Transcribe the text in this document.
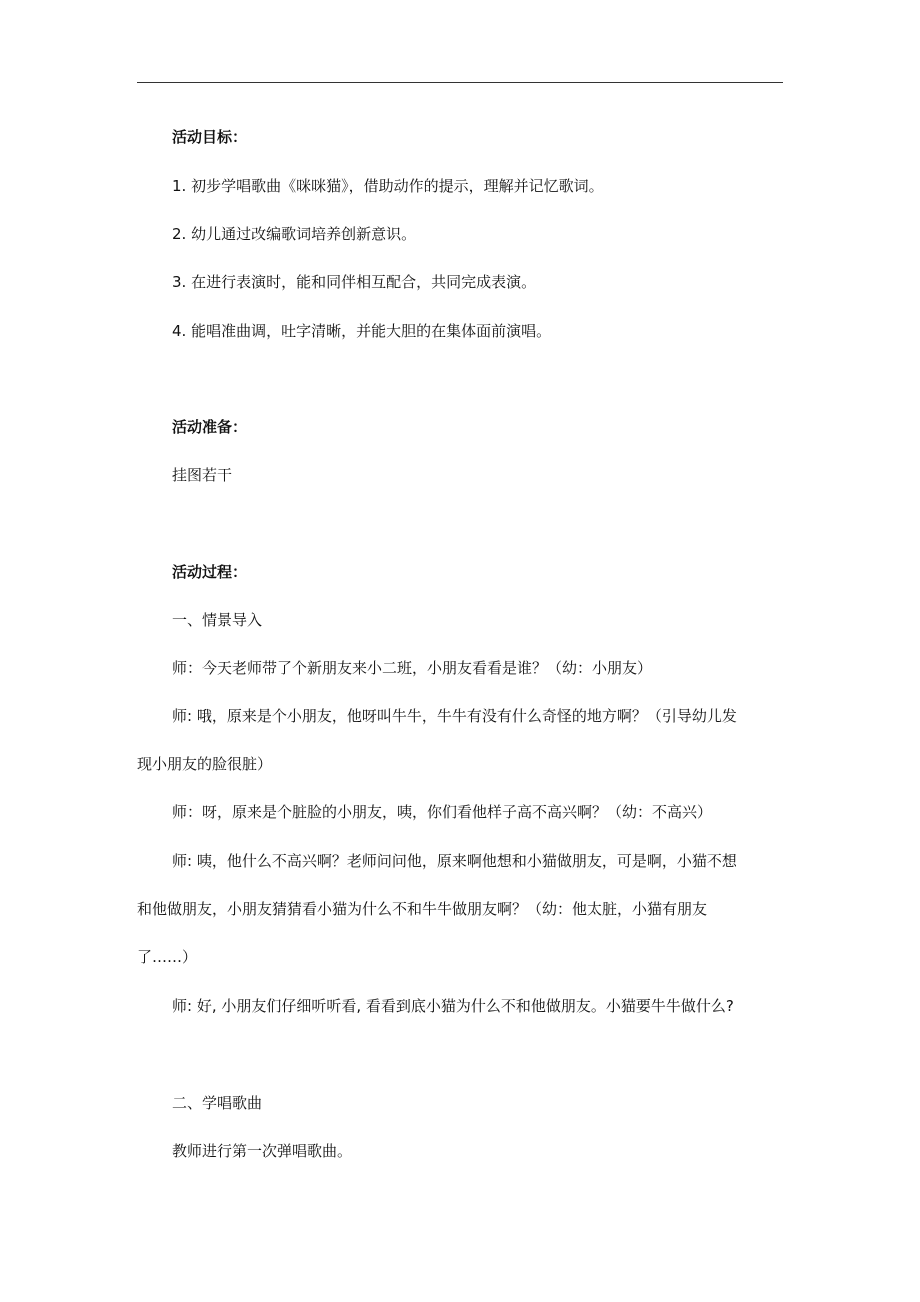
活动目标：

1. 初步学唱歌曲《咪咪猫》，借助动作的提示，理解并记忆歌词。

2. 幼儿通过改编歌词培养创新意识。

3. 在进行表演时，能和同伴相互配合，共同完成表演。

4. 能唱准曲调，吐字清晰，并能大胆的在集体面前演唱。

活动准备：

挂图若干

活动过程：

一、情景导入

师：今天老师带了个新朋友来小二班，小朋友看看是谁？（幼：小朋友）

师: 哦，原来是个小朋友，他呀叫牛牛，牛牛有没有什么奇怪的地方啊？（引导幼儿发

现小朋友的脸很脏）

师：呀，原来是个脏脸的小朋友，咦，你们看他样子高不高兴啊？（幼：不高兴）

师: 咦，他什么不高兴啊？老师问问他，原来啊他想和小猫做朋友，可是啊，小猫不想

和他做朋友，小朋友猜猜看小猫为什么不和牛牛做朋友啊？（幼：他太脏，小猫有朋友

了……）

师: 好, 小朋友们仔细听听看, 看看到底小猫为什么不和他做朋友。小猫要牛牛做什么?

二、学唱歌曲

教师进行第一次弹唱歌曲。
